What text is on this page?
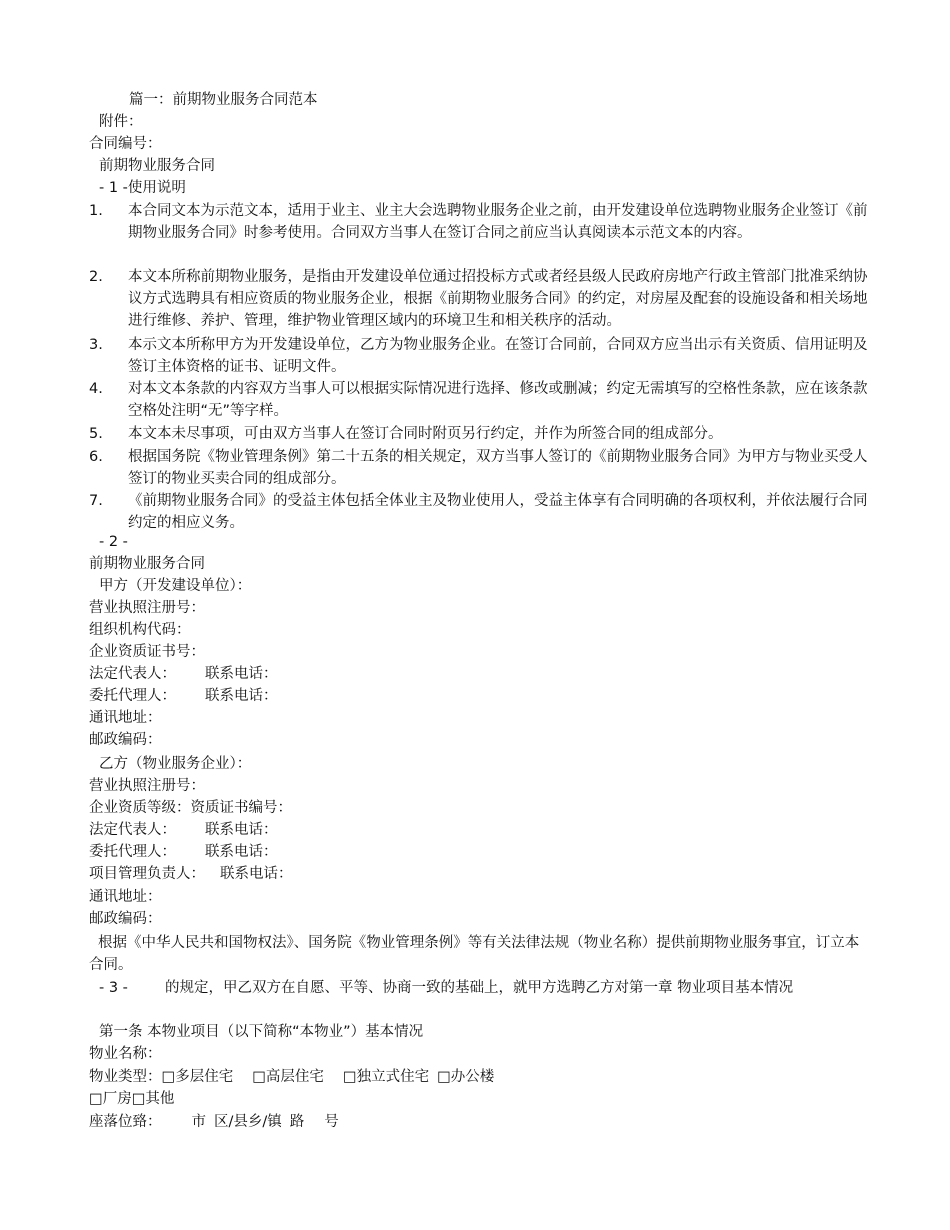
篇一：前期物业服务合同范本
附件：
合同编号：
前期物业服务合同
- 1 -使用说明
1. 本合同文本为示范文本，适用于业主、业主大会选聘物业服务企业之前，由开发建设单位选聘物业服务企业签订《前期物业服务合同》时参考使用。合同双方当事人在签订合同之前应当认真阅读本示范文本的内容。
2. 本文本所称前期物业服务，是指由开发建设单位通过招投标方式或者经县级人民政府房地产行政主管部门批准采纳协议方式选聘具有相应资质的物业服务企业，根据《前期物业服务合同》的约定，对房屋及配套的设施设备和相关场地进行维修、养护、管理，维护物业管理区域内的环境卫生和相关秩序的活动。
3. 本示文本所称甲方为开发建设单位，乙方为物业服务企业。在签订合同前，合同双方应当出示有关资质、信用证明及签订主体资格的证书、证明文件。
4. 对本文本条款的内容双方当事人可以根据实际情况进行选择、修改或删减；约定无需填写的空格性条款，应在该条款空格处注明“无”等字样。
5. 本文本未尽事项，可由双方当事人在签订合同时附页另行约定，并作为所签合同的组成部分。
6. 根据国务院《物业管理条例》第二十五条的相关规定，双方当事人签订的《前期物业服务合同》为甲方与物业买受人签订的物业买卖合同的组成部分。
7. 《前期物业服务合同》的受益主体包括全体业主及物业使用人，受益主体享有合同明确的各项权利，并依法履行合同约定的相应义务。
- 2 -
前期物业服务合同
甲方（开发建设单位）：
营业执照注册号：
组织机构代码：
企业资质证书号：
法定代表人： 联系电话：
委托代理人： 联系电话：
通讯地址：
邮政编码：
乙方（物业服务企业）：
营业执照注册号：
企业资质等级：资质证书编号：
法定代表人： 联系电话：
委托代理人： 联系电话：
项目管理负责人： 联系电话：
通讯地址：
邮政编码：
根据《中华人民共和国物权法》、国务院《物业管理条例》等有关法律法规（物业名称）提供前期物业服务事宜，订立本合同。
- 3 -	的规定，甲乙双方在自愿、平等、协商一致的基础上，就甲方选聘乙方对第一章 物业项目基本情况
第一条 本物业项目（以下简称“本物业”）基本情况
物业名称：
物业类型：□多层住宅 □高层住宅 □独立式住宅 □办公楼
□厂房□其他
座落位臵： 市 区/县乡/镇 路 号
